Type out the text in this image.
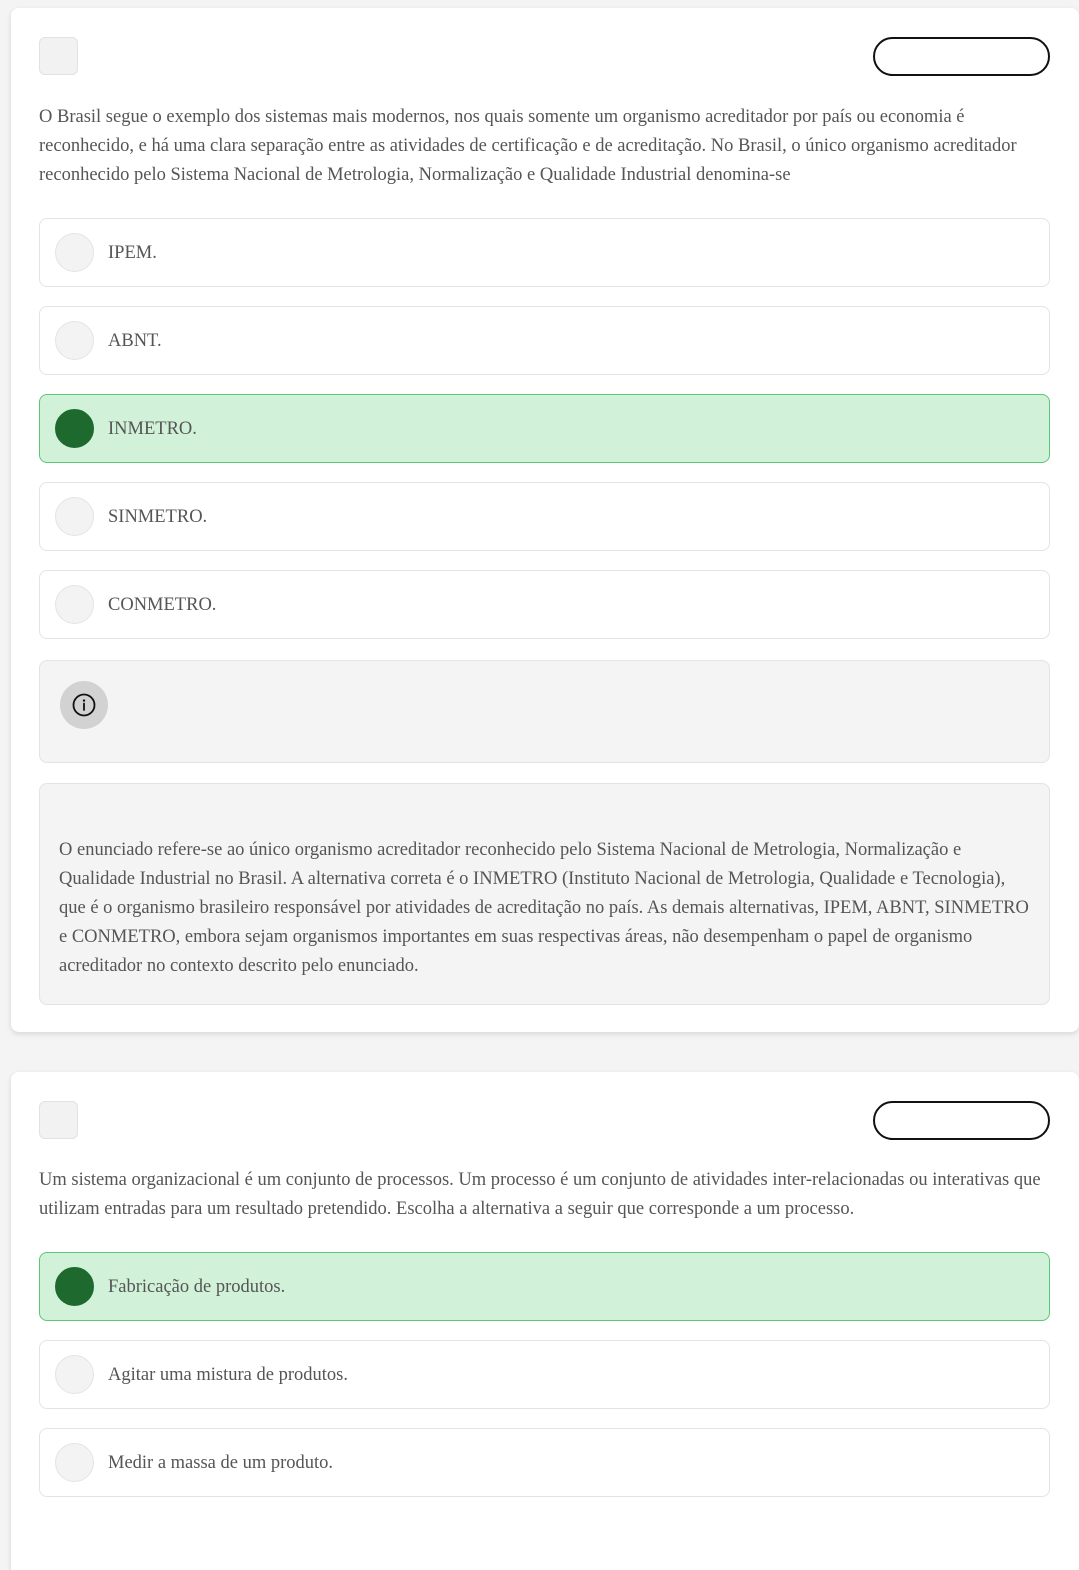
O Brasil segue o exemplo dos sistemas mais modernos, nos quais somente um organismo acreditador por país ou economia é reconhecido, e há uma clara separação entre as atividades de certificação e de acreditação. No Brasil, o único organismo acreditador reconhecido pelo Sistema Nacional de Metrologia, Normalização e Qualidade Industrial denomina-se

IPEM.
ABNT.
INMETRO.
SINMETRO.
CONMETRO.

O enunciado refere-se ao único organismo acreditador reconhecido pelo Sistema Nacional de Metrologia, Normalização e Qualidade Industrial no Brasil. A alternativa correta é o INMETRO (Instituto Nacional de Metrologia, Qualidade e Tecnologia), que é o organismo brasileiro responsável por atividades de acreditação no país. As demais alternativas, IPEM, ABNT, SINMETRO e CONMETRO, embora sejam organismos importantes em suas respectivas áreas, não desempenham o papel de organismo acreditador no contexto descrito pelo enunciado.

Um sistema organizacional é um conjunto de processos. Um processo é um conjunto de atividades inter-relacionadas ou interativas que utilizam entradas para um resultado pretendido. Escolha a alternativa a seguir que corresponde a um processo.

Fabricação de produtos.
Agitar uma mistura de produtos.
Medir a massa de um produto.
